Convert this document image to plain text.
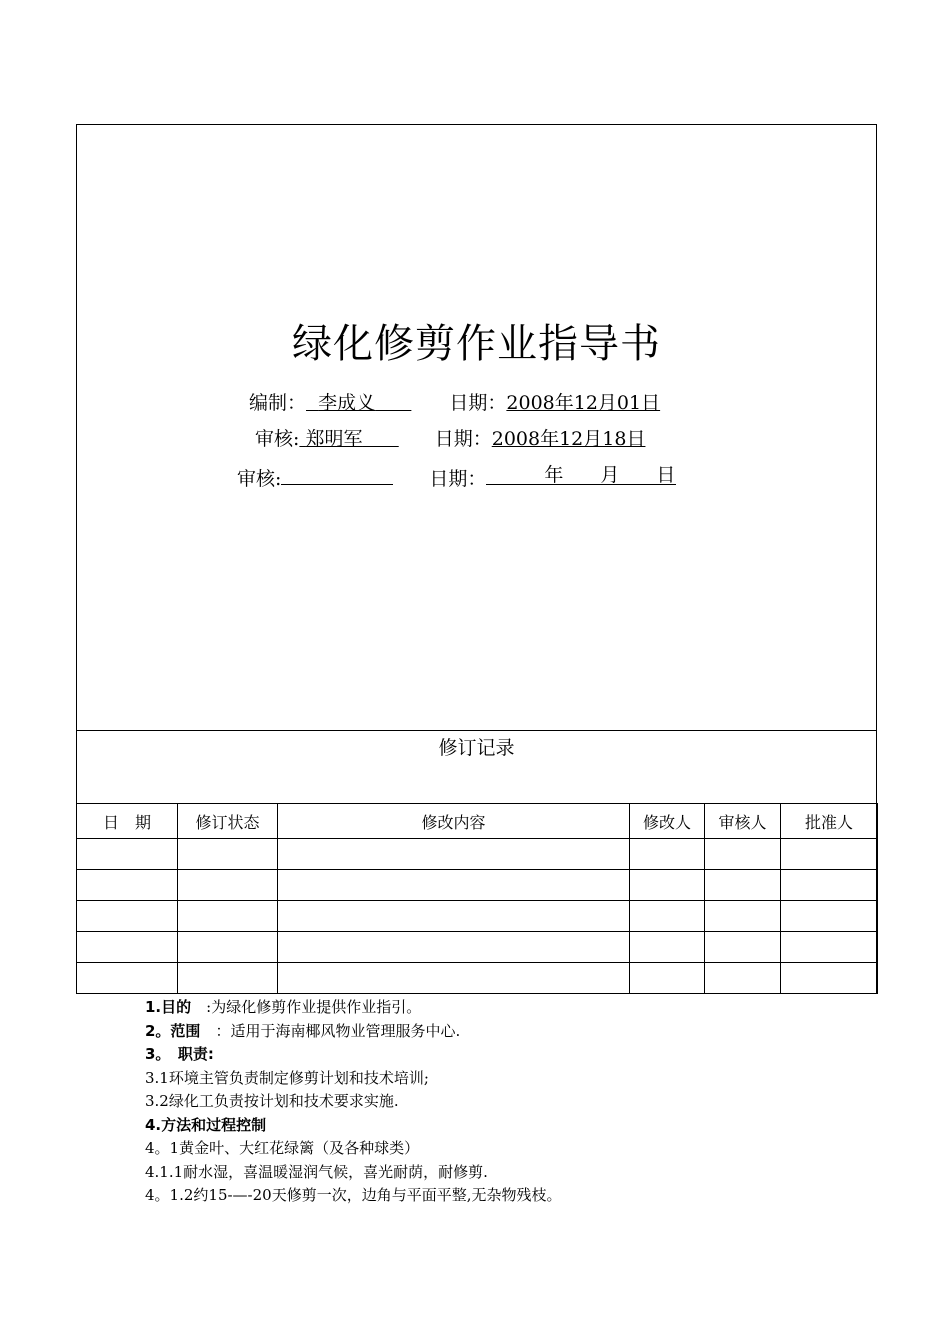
绿化修剪作业指导书
编制： 李成义	日期：2008年12月01日
审核: 郑明军	日期：2008年12月18日
审核:	日期：	年 月 日
修订记录
日　期	修订状态	修改内容	修改人	审核人	批准人

1.目的　:为绿化修剪作业提供作业指引。

2。范围　：适用于海南椰风物业管理服务中心.

3。　职责:

3.1环境主管负责制定修剪计划和技术培训;

3.2绿化工负责按计划和技术要求实施.

4.方法和过程控制

4。1黄金叶、大红花绿篱（及各种球类）

4.1.1耐水湿，喜温暖湿润气候，喜光耐荫，耐修剪.

4。1.2约15-—-20天修剪一次，边角与平面平整,无杂物残枝。
